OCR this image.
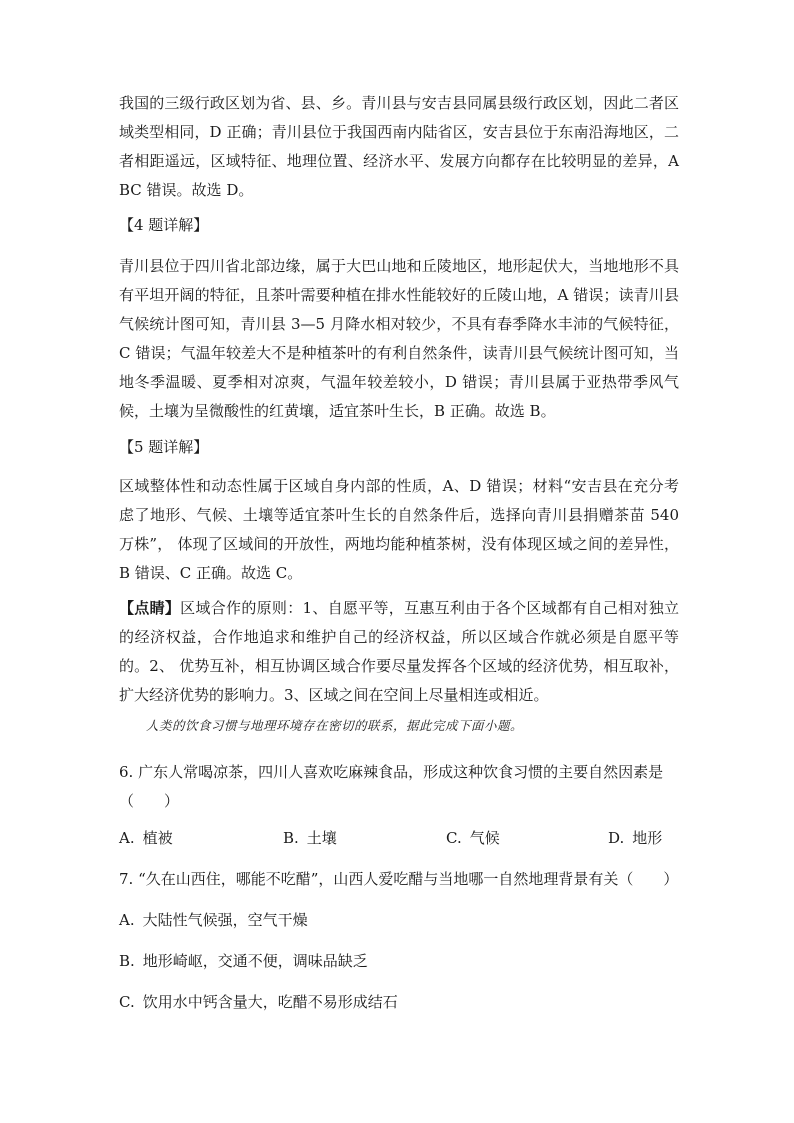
我国的三级行政区划为省、县、乡。青川县与安吉县同属县级行政区划，因此二者区域类型相同，D 正确；青川县位于我国西南内陆省区，安吉县位于东南沿海地区，二者相距遥远，区域特征、地理位置、经济水平、发展方向都存在比较明显的差异，ABC 错误。故选 D。

【4 题详解】

青川县位于四川省北部边缘，属于大巴山地和丘陵地区，地形起伏大，当地地形不具有平坦开阔的特征，且茶叶需要种植在排水性能较好的丘陵山地，A 错误；读青川县气候统计图可知，青川县 3—5 月降水相对较少，不具有春季降水丰沛的气候特征，C 错误；气温年较差大不是种植茶叶的有利自然条件，读青川县气候统计图可知，当地冬季温暖、夏季相对凉爽，气温年较差较小，D 错误；青川县属于亚热带季风气候，土壤为呈微酸性的红黄壤，适宜茶叶生长，B 正确。故选 B。

【5 题详解】

区域整体性和动态性属于区域自身内部的性质，A、D 错误；材料“安吉县在充分考虑了地形、气候、土壤等适宜茶叶生长的自然条件后，选择向青川县捐赠茶苗 540 万株”， 体现了区域间的开放性，两地均能种植茶树，没有体现区域之间的差异性，B 错误、C 正确。故选 C。

【点睛】区域合作的原则：1、自愿平等，互惠互利由于各个区域都有自己相对独立的经济权益，合作地追求和维护自己的经济权益，所以区域合作就必须是自愿平等的。2、 优势互补，相互协调区域合作要尽量发挥各个区域的经济优势，相互取补，扩大经济优势的影响力。3、区域之间在空间上尽量相连或相近。

人类的饮食习惯与地理环境存在密切的联系，据此完成下面小题。

6. 广东人常喝凉茶，四川人喜欢吃麻辣食品，形成这种饮食习惯的主要自然因素是（　　）

A. 植被	B. 土壤	C. 气候	D. 地形

7. “久在山西住，哪能不吃醋”，山西人爱吃醋与当地哪一自然地理背景有关（　　）

A. 大陆性气候强，空气干燥

B. 地形崎岖，交通不便，调味品缺乏

C. 饮用水中钙含量大，吃醋不易形成结石
